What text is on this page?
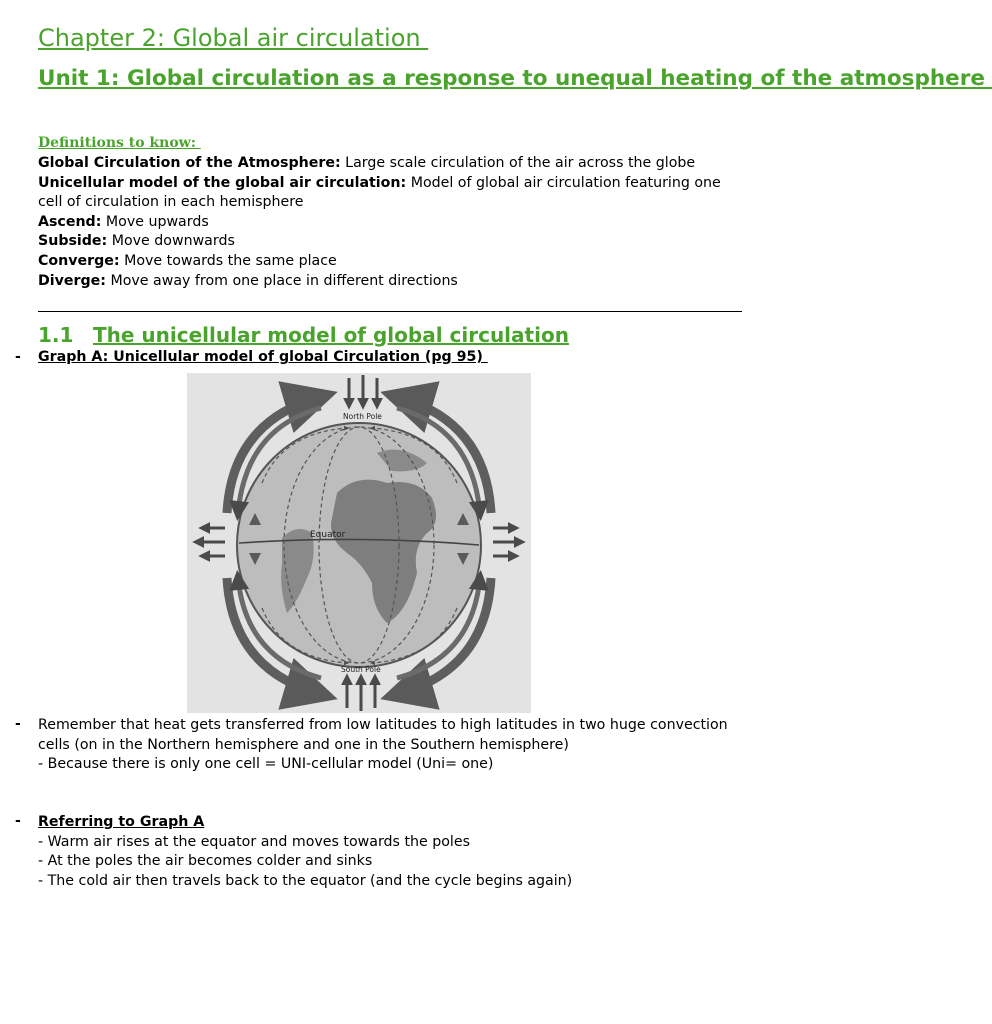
Chapter 2: Global air circulation
Unit 1: Global circulation as a response to unequal heating of the atmosphere
Definitions to know:

Global Circulation of the Atmosphere: Large scale circulation of the air across the globe

Unicellular model of the global air circulation: Model of global air circulation featuring one cell of circulation in each hemisphere

Ascend: Move upwards

Subside: Move downwards

Converge: Move towards the same place

Diverge: Move away from one place in different directions

1.1 The unicellular model of global circulation
- Graph A: Unicellular model of global Circulation (pg 95)
North Pole
Equator
South Pole
- Remember that heat gets transferred from low latitudes to high latitudes in two huge convection cells (on in the Northern hemisphere and one in the Southern hemisphere)

- Because there is only one cell = UNI-cellular model (Uni= one)

- Referring to Graph A

- Warm air rises at the equator and moves towards the poles

- At the poles the air becomes colder and sinks

- The cold air then travels back to the equator (and the cycle begins again)
